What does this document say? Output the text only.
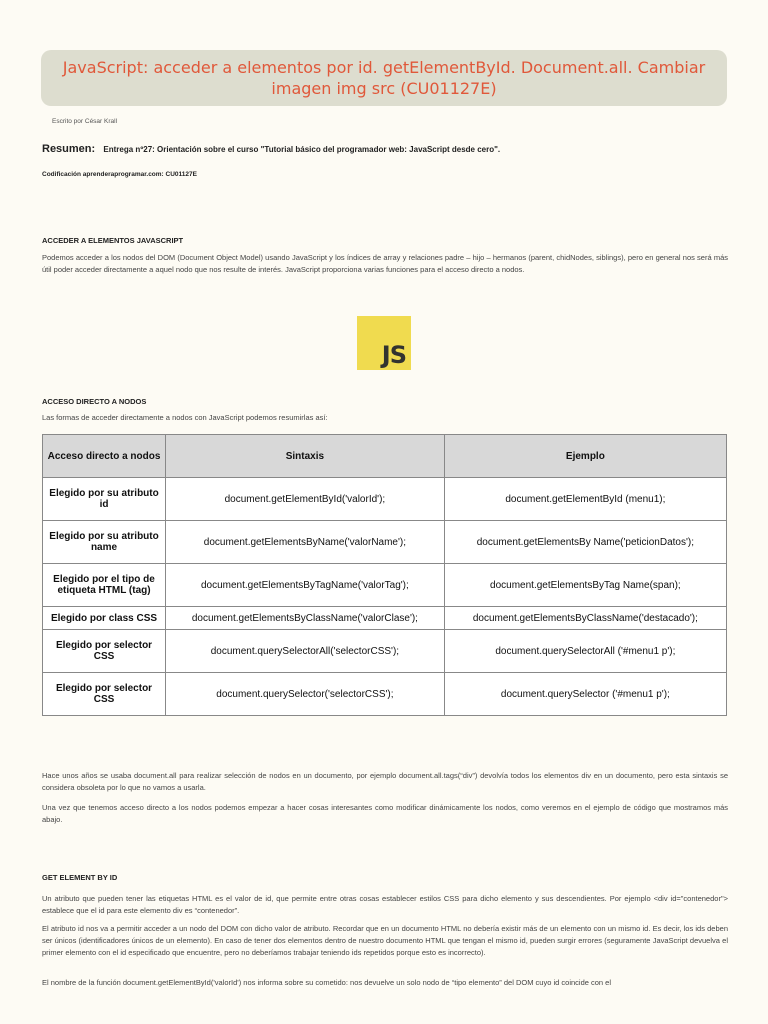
JavaScript: acceder a elementos por id. getElementById. Document.all. Cambiar imagen img src (CU01127E)
Escrito por César Krall
Resumen: Entrega nº27: Orientación sobre el curso "Tutorial básico del programador web: JavaScript desde cero".
Codificación aprenderaprogramar.com: CU01127E
ACCEDER A ELEMENTOS JAVASCRIPT
Podemos acceder a los nodos del DOM (Document Object Model) usando JavaScript y los índices de array y relaciones padre – hijo – hermanos (parent, chidNodes, siblings), pero en general nos será más útil poder acceder directamente a aquel nodo que nos resulte de interés. JavaScript proporciona varias funciones para el acceso directo a nodos.
JS
ACCESO DIRECTO A NODOS
Las formas de acceder directamente a nodos con JavaScript podemos resumirlas así:
Acceso directo a nodos	Sintaxis	Ejemplo
Elegido por su atributo id	document.getElementById('valorId');	document.getElementById (menu1);
Elegido por su atributo name	document.getElementsByName('valorName');	document.getElementsBy Name('peticionDatos');
Elegido por el tipo de etiqueta HTML (tag)	document.getElementsByTagName('valorTag');	document.getElementsByTag Name(span);
Elegido por class CSS	document.getElementsByClassName('valorClase');	document.getElementsByClassName('destacado');
Elegido por selector CSS	document.querySelectorAll('selectorCSS');	document.querySelectorAll ('#menu1 p');
Elegido por selector CSS	document.querySelector('selectorCSS');	document.querySelector ('#menu1 p');
Hace unos años se usaba document.all para realizar selección de nodos en un documento, por ejemplo document.all.tags(“div”) devolvía todos los elementos div en un documento, pero esta sintaxis se considera obsoleta por lo que no vamos a usarla.
Una vez que tenemos acceso directo a los nodos podemos empezar a hacer cosas interesantes como modificar dinámicamente los nodos, como veremos en el ejemplo de código que mostramos más abajo.
GET ELEMENT BY ID
Un atributo que pueden tener las etiquetas HTML es el valor de id, que permite entre otras cosas establecer estilos CSS para dicho elemento y sus descendientes. Por ejemplo <div id="contenedor"> establece que el id para este elemento div es “contenedor”.
El atributo id nos va a permitir acceder a un nodo del DOM con dicho valor de atributo. Recordar que en un documento HTML no debería existir más de un elemento con un mismo id. Es decir, los ids deben ser únicos (identificadores únicos de un elemento). En caso de tener dos elementos dentro de nuestro documento HTML que tengan el mismo id, pueden surgir errores (seguramente JavaScript devuelva el primer elemento con el id especificado que encuentre, pero no deberíamos trabajar teniendo ids repetidos porque esto es incorrecto).
El nombre de la función document.getElementById('valorId') nos informa sobre su cometido: nos devuelve un solo nodo de “tipo elemento” del DOM cuyo id coincide con el
